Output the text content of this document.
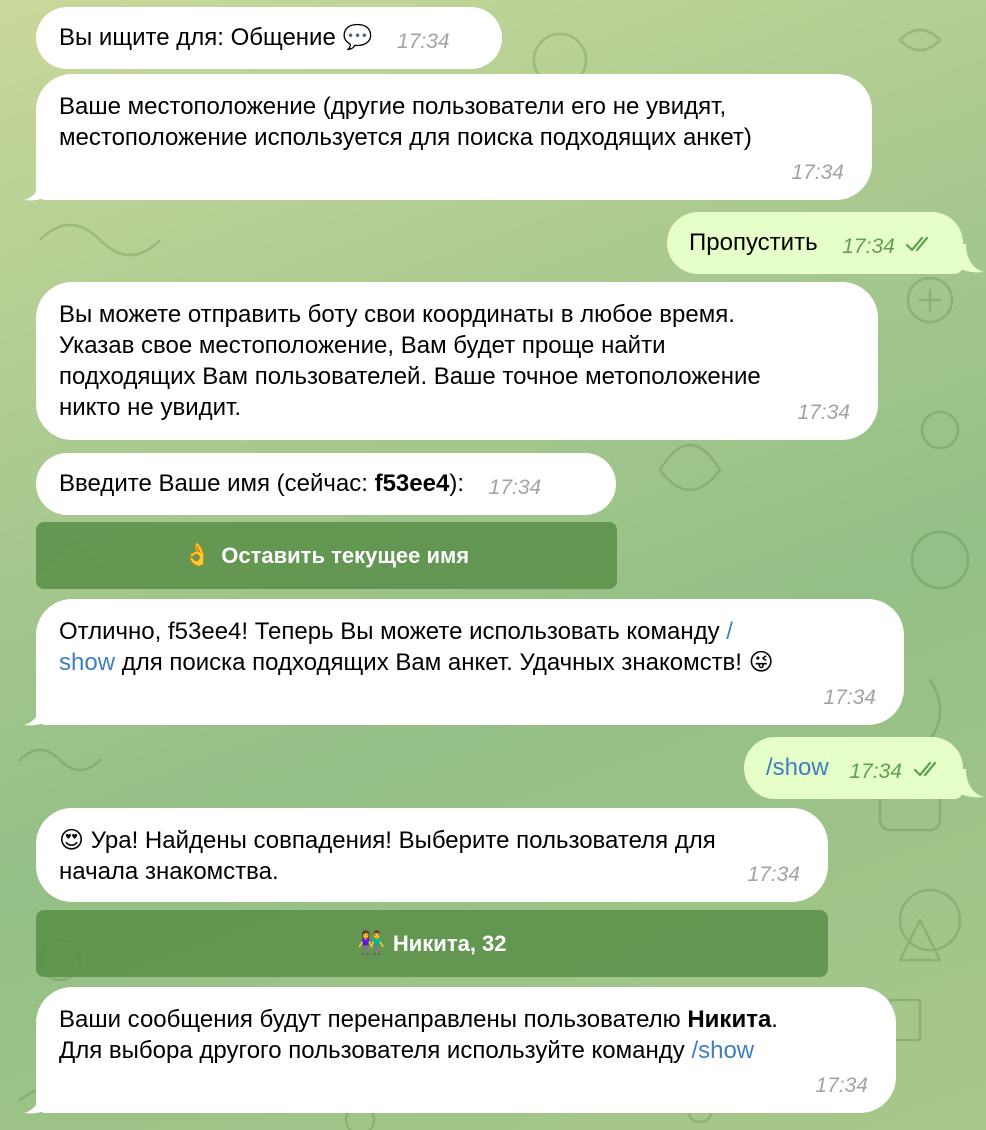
Вы ищите для: Общение 💬 17:34
Ваше местоположение (другие пользователи его не увидят,
местоположение используется для поиска подходящих анкет)
17:34
Пропустить 17:34
Вы можете отправить боту свои координаты в любое время.
Указав свое местоположение, Вам будет проще найти
подходящих Вам пользователей. Ваше точное метоположение
никто не увидит.	17:34
Введите Ваше имя (сейчас: f53ee4): 17:34
👌 Оставить текущее имя
Отлично, f53ee4! Теперь Вы можете использовать команду /
show для поиска подходящих Вам анкет. Удачных знакомств! 😜
17:34
/show 17:34
😍 Ура! Найдены совпадения! Выберите пользователя для
начала знакомства.	17:34
👫 Никита, 32
Ваши сообщения будут перенаправлены пользователю Никита.
Для выбора другого пользователя используйте команду /show
17:34
